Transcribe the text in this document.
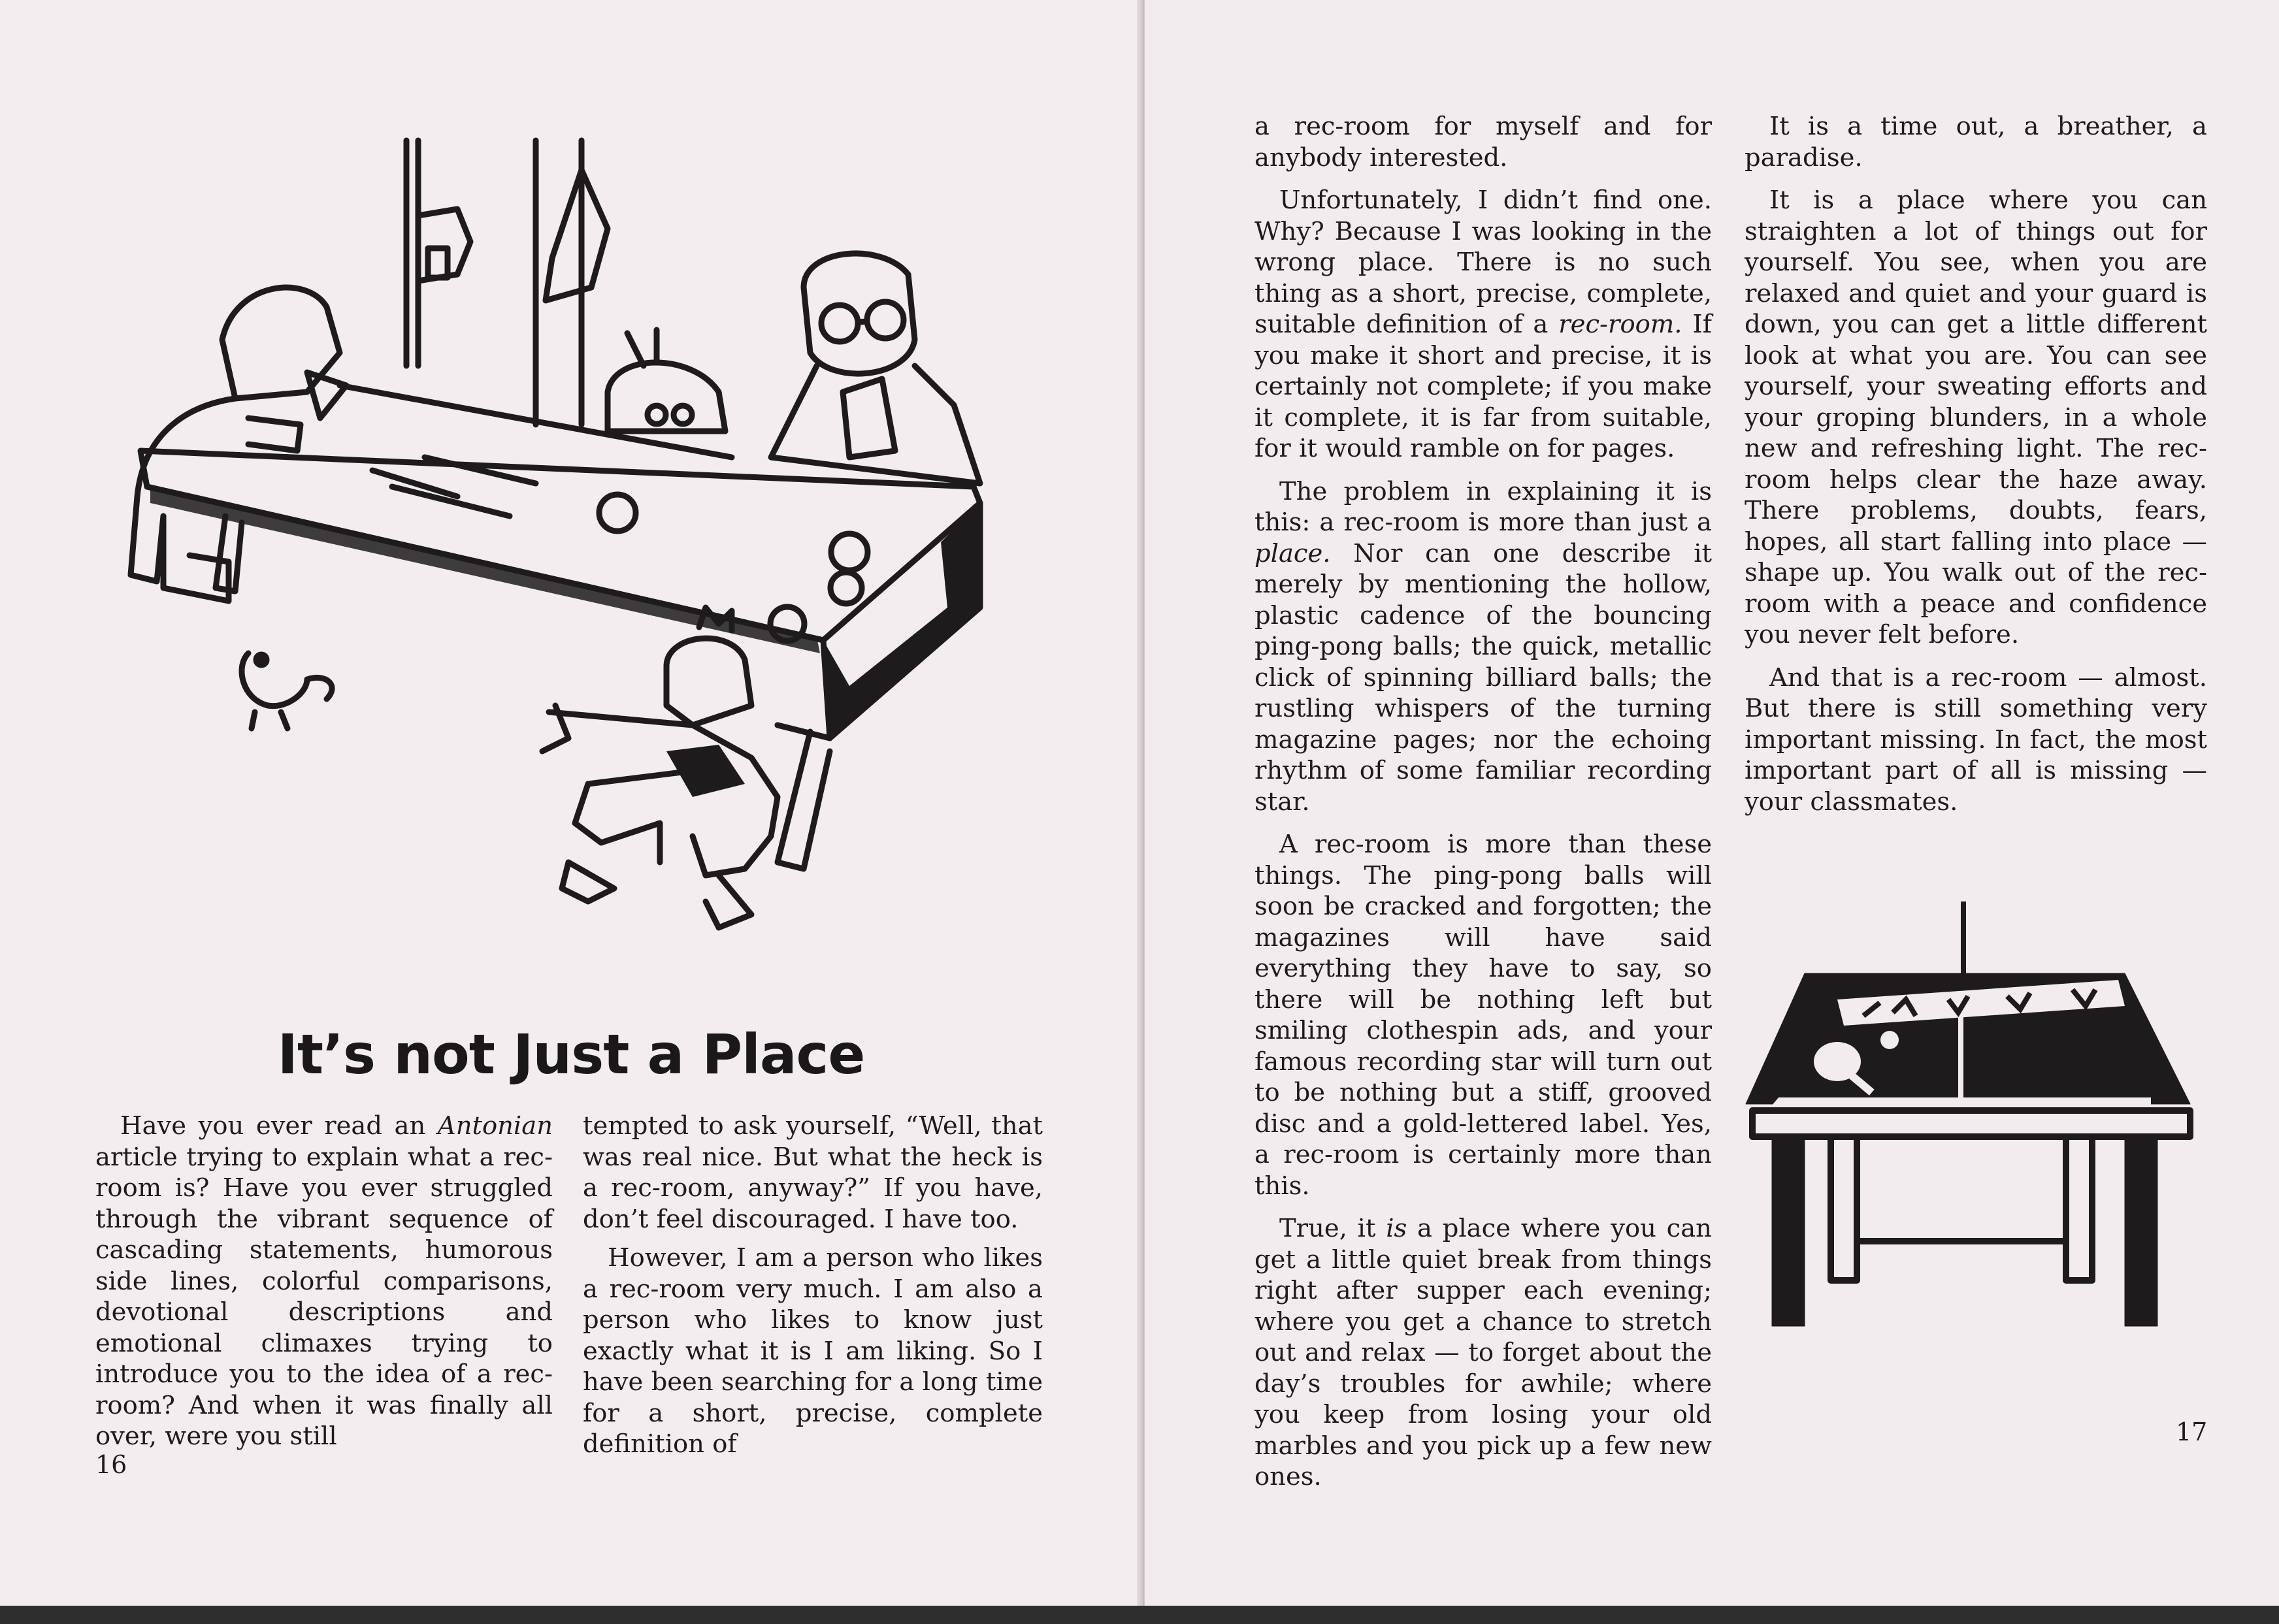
It’s not Just a Place

Have you ever read an Antonian article trying to explain what a rec-room is? Have you ever struggled through the vibrant sequence of cascading statements, humorous side lines, colorful comparisons, devotional descriptions and emotional climaxes trying to introduce you to the idea of a rec-room? And when it was finally all over, were you still

tempted to ask yourself, “Well, that was real nice. But what the heck is a rec-room, anyway?” If you have, don’t feel discouraged. I have too.

However, I am a person who likes a rec-room very much. I am also a person who likes to know just exactly what it is I am liking. So I have been searching for a long time for a short, precise, complete definition of

16

a rec-room for myself and for anybody interested.

Unfortunately, I didn’t find one. Why? Because I was looking in the wrong place. There is no such thing as a short, precise, complete, suitable definition of a rec-room. If you make it short and precise, it is certainly not complete; if you make it complete, it is far from suitable, for it would ramble on for pages.

The problem in explaining it is this: a rec-room is more than just a place. Nor can one describe it merely by mentioning the hollow, plastic cadence of the bouncing ping-pong balls; the quick, metallic click of spinning billiard balls; the rustling whispers of the turning magazine pages; nor the echoing rhythm of some familiar recording star.

A rec-room is more than these things. The ping-pong balls will soon be cracked and forgotten; the magazines will have said everything they have to say, so there will be nothing left but smiling clothespin ads, and your famous recording star will turn out to be nothing but a stiff, grooved disc and a gold-lettered label. Yes, a rec-room is certainly more than this.

True, it is a place where you can get a little quiet break from things right after supper each evening; where you get a chance to stretch out and relax — to forget about the day’s troubles for awhile; where you keep from losing your old marbles and you pick up a few new ones.

It is a time out, a breather, a paradise.

It is a place where you can straighten a lot of things out for yourself. You see, when you are relaxed and quiet and your guard is down, you can get a little different look at what you are. You can see yourself, your sweating efforts and your groping blunders, in a whole new and refreshing light. The rec-room helps clear the haze away. There problems, doubts, fears, hopes, all start falling into place — shape up. You walk out of the rec-room with a peace and confidence you never felt before.

And that is a rec-room — almost. But there is still something very important missing. In fact, the most important part of all is missing — your classmates.

17
